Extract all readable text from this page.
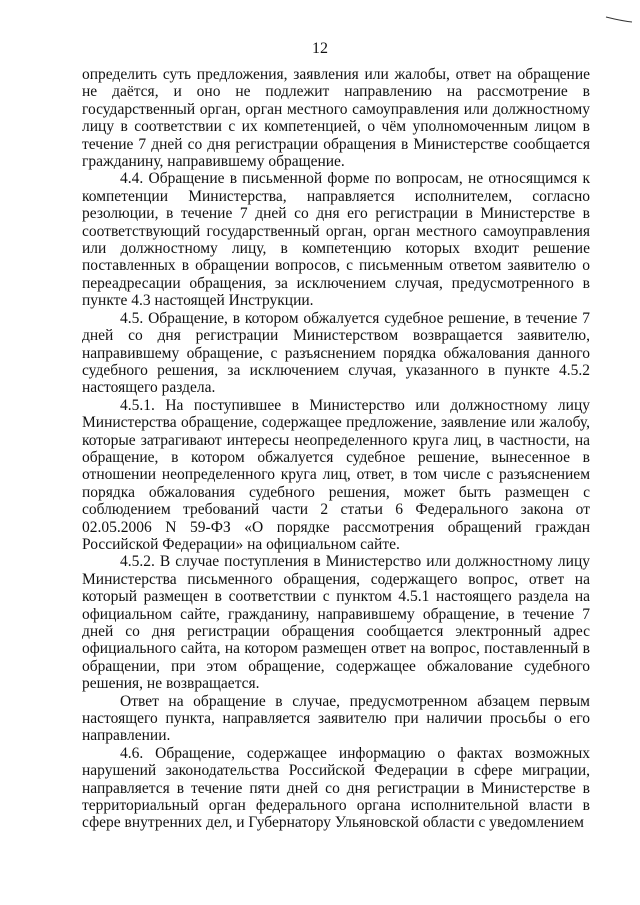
12

определить суть предложения, заявления или жалобы, ответ на обращение не даётся, и оно не подлежит направлению на рассмотрение в государственный орган, орган местного самоуправления или должностному лицу в соответствии с их компетенцией, о чём уполномоченным лицом в течение 7 дней со дня регистрации обращения в Министерстве сообщается гражданину, направившему обращение.

4.4. Обращение в письменной форме по вопросам, не относящимся к компетенции Министерства, направляется исполнителем, согласно резолюции, в течение 7 дней со дня его регистрации в Министерстве в соответствующий государственный орган, орган местного самоуправления или должностному лицу, в компетенцию которых входит решение поставленных в обращении вопросов, с письменным ответом заявителю о переадресации обращения, за исключением случая, предусмотренного в пункте 4.3 настоящей Инструкции.

4.5. Обращение, в котором обжалуется судебное решение, в течение 7 дней со дня регистрации Министерством возвращается заявителю, направившему обращение, с разъяснением порядка обжалования данного судебного решения, за исключением случая, указанного в пункте 4.5.2 настоящего раздела.

4.5.1. На поступившее в Министерство или должностному лицу Министерства обращение, содержащее предложение, заявление или жалобу, которые затрагивают интересы неопределенного круга лиц, в частности, на обращение, в котором обжалуется судебное решение, вынесенное в отношении неопределенного круга лиц, ответ, в том числе с разъяснением порядка обжалования судебного решения, может быть размещен с соблюдением требований части 2 статьи 6 Федерального закона от 02.05.2006 N 59-ФЗ «О порядке рассмотрения обращений граждан Российской Федерации» на официальном сайте.

4.5.2. В случае поступления в Министерство или должностному лицу Министерства письменного обращения, содержащего вопрос, ответ на который размещен в соответствии с пунктом 4.5.1 настоящего раздела на официальном сайте, гражданину, направившему обращение, в течение 7 дней со дня регистрации обращения сообщается электронный адрес официального сайта, на котором размещен ответ на вопрос, поставленный в обращении, при этом обращение, содержащее обжалование судебного решения, не возвращается.

Ответ на обращение в случае, предусмотренном абзацем первым настоящего пункта, направляется заявителю при наличии просьбы о его направлении.

4.6. Обращение, содержащее информацию о фактах возможных нарушений законодательства Российской Федерации в сфере миграции, направляется в течение пяти дней со дня регистрации в Министерстве в территориальный орган федерального органа исполнительной власти в сфере внутренних дел, и Губернатору Ульяновской области с уведомлением
